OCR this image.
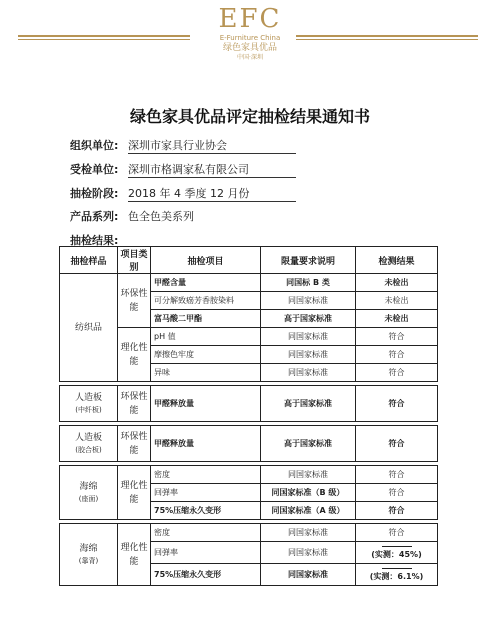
EFC
E-Furniture China
绿色家具优品
中国·深圳
绿色家具优品评定抽检结果通知书
组织单位: 深圳市家具行业协会
受检单位: 深圳市格调家私有限公司
抽检阶段: 2018 年 4 季度 12 月份
产品系列: 色全色美系列
抽检结果:
抽检样品	项目类别	抽检项目	限量要求说明	检测结果
纺织品	环保性能	甲醛含量	同国标 B 类	未检出
		可分解致癌芳香胺染料	同国家标准	未检出
		富马酸二甲酯	高于国家标准	未检出
	理化性能	pH 值	同国家标准	符合
		摩擦色牢度	同国家标准	符合
		异味	同国家标准	符合

人造板
(中纤板)	环保性能	甲醛释放量	高于国家标准	符合

人造板
(胶合板)	环保性能	甲醛释放量	高于国家标准	符合

海绵
(座面)	理化性能	密度	同国家标准	符合
		回弹率	同国家标准（B 级）	符合
		75%压缩永久变形	同国家标准（A 级）	符合

海绵
(靠背)	理化性能	密度	同国家标准	符合
		回弹率	同国家标准	(实测：45%)
		75%压缩永久变形	同国家标准	(实测：6.1%)
